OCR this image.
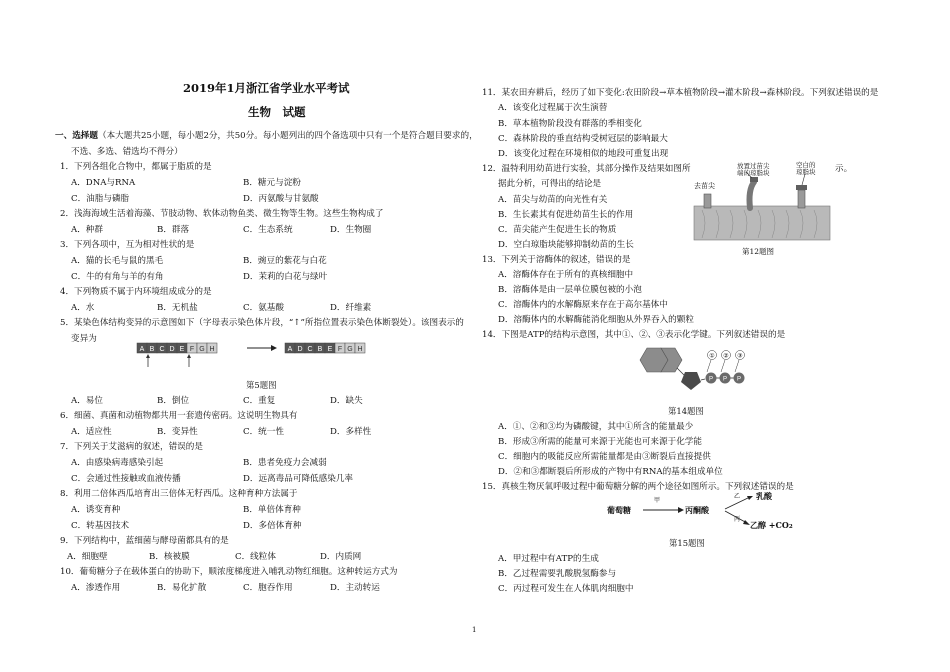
2019年1月浙江省学业水平考试
生物　试题
一、选择题（本大题共25小题，每小题2分，共50分。每小题列出的四个备选项中只有一个是符合题目要求的，
不选、多选、错选均不得分）
1．下列各组化合物中，都属于脂质的是
A．DNA与RNA	B．糖元与淀粉
C．油脂与磷脂	D．丙氨酸与甘氨酸
2．浅海海域生活着海藻、节肢动物、软体动物鱼类、微生物等生物。这些生物构成了
A．种群	B．群落	C．生态系统	D．生物圈
3．下列各项中，互为相对性状的是
A．猫的长毛与鼠的黑毛	B．豌豆的紫花与白花
C．牛的有角与羊的有角	D．茉莉的白花与绿叶
4．下列物质不属于内环境组成成分的是
A．水	B．无机盐	C．氨基酸	D．纤维素
5．某染色体结构变异的示意图如下（字母表示染色体片段，“↑”所指位置表示染色体断裂处）。该图表示的
变异为
A B C D E F G H	A D C B E F G H
第5题图
A．易位	B．倒位	C．重复	D．缺失
6．细菌、真菌和动植物都共用一套遗传密码。这说明生物具有
A．适应性	B．变异性	C．统一性	D．多样性
7．下列关于艾滋病的叙述，错误的是
A．由感染病毒感染引起	B．患者免疫力会减弱
C．会通过性接触或血液传播	D．远离毒品可降低感染几率
8．利用二倍体西瓜培育出三倍体无籽西瓜。这种育种方法属于
A．诱变育种	B．单倍体育种
C．转基因技术	D．多倍体育种
9．下列结构中，蓝细菌与酵母菌都具有的是
A．细胞壁	B．核被膜	C．线粒体	D．内质网
10．葡萄糖分子在载体蛋白的协助下，顺浓度梯度进入哺乳动物红细胞。这种转运方式为
A．渗透作用	B．易化扩散	C．胞吞作用	D．主动转运
11．某农田弃耕后，经历了如下变化:农田阶段→草本植物阶段→灌木阶段→森林阶段。下列叙述错误的是
A．该变化过程属于次生演替
B．草本植物阶段没有群落的季相变化
C．森林阶段的垂直结构受树冠层的影响最大
D．该变化过程在环境相似的地段可重复出现
12．温特利用幼苗进行实验，其部分操作及结果如图所	示。
据此分析，可得出的结论是
A．苗尖与幼苗的向光性有关
B．生长素其有促进幼苗生长的作用
C．苗尖能产生促进生长的物质
D．空白琼脂块能够抑制幼苗的生长
去苗尖
放置过苗尖
端的琼脂块
空白的
琼脂块
第12题图
13．下列关于溶酶体的叙述，错误的是
A．溶酶体存在于所有的真核细胞中
B．溶酶体是由一层单位膜包被的小泡
C．溶酶体内的水解酶原来存在于高尔基体中
D．溶酶体内的水解酶能消化细胞从外界吞入的颗粒
14．下图是ATP的结构示意图，其中①、②、③表示化学键。下列叙述错误的是
P
①
P
②
P
③
第14题图
A．①、②和③均为磷酸键，其中①所含的能量最少
B．形成③所需的能量可来源于光能也可来源于化学能
C．细胞内的吸能反应所需能量都是由③断裂后直接提供
D．②和③都断裂后所形成的产物中有RNA的基本组成单位
15．真核生物厌氧呼吸过程中葡萄糖分解的两个途径如图所示。下列叙述错误的是
葡萄糖
甲
丙酮酸
乙
丙
乳酸
乙醇 +CO2
第15题图
A．甲过程中有ATP的生成
B．乙过程需要乳酸脱氢酶参与
C．丙过程可发生在人体肌肉细胞中
1
